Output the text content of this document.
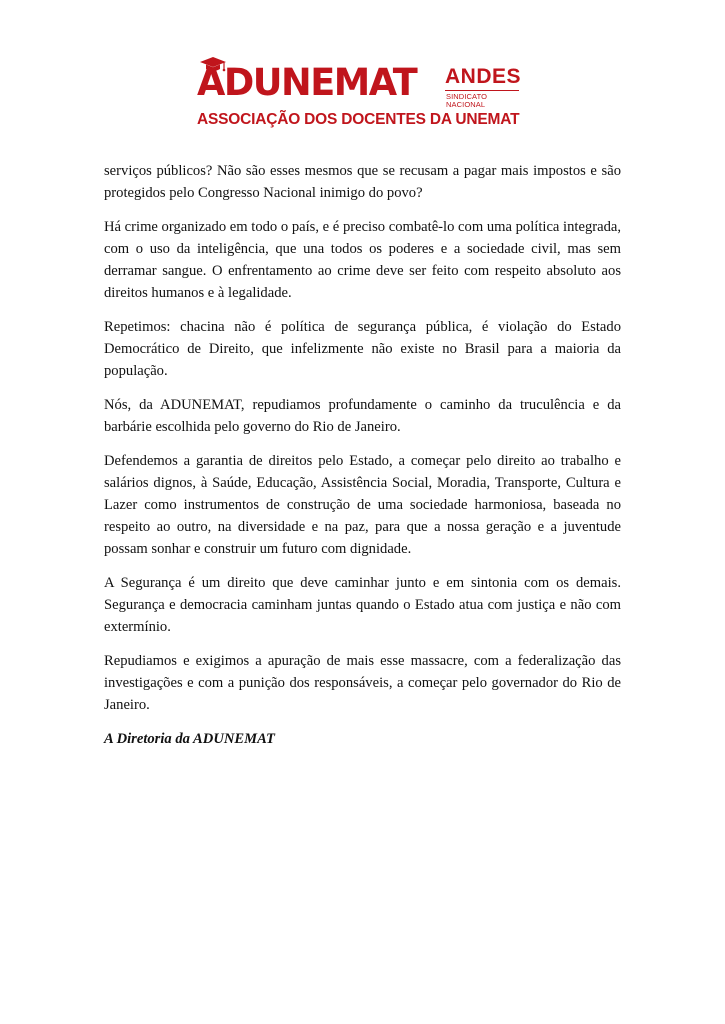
ADUNEMAT ANDES
SINDICATO NACIONAL
ASSOCIAÇÃO DOS DOCENTES DA UNEMAT

serviços públicos? Não são esses mesmos que se recusam a pagar mais impostos e são protegidos pelo Congresso Nacional inimigo do povo?

Há crime organizado em todo o país, e é preciso combatê-lo com uma política integrada, com o uso da inteligência, que una todos os poderes e a sociedade civil, mas sem derramar sangue. O enfrentamento ao crime deve ser feito com respeito absoluto aos direitos humanos e à legalidade.

Repetimos: chacina não é política de segurança pública, é violação do Estado Democrático de Direito, que infelizmente não existe no Brasil para a maioria da população.

Nós, da ADUNEMAT, repudiamos profundamente o caminho da truculência e da barbárie escolhida pelo governo do Rio de Janeiro.

Defendemos a garantia de direitos pelo Estado, a começar pelo direito ao trabalho e salários dignos, à Saúde, Educação, Assistência Social, Moradia, Transporte, Cultura e Lazer como instrumentos de construção de uma sociedade harmoniosa, baseada no respeito ao outro, na diversidade e na paz, para que a nossa geração e a juventude possam sonhar e construir um futuro com dignidade.

A Segurança é um direito que deve caminhar junto e em sintonia com os demais. Segurança e democracia caminham juntas quando o Estado atua com justiça e não com extermínio.

Repudiamos e exigimos a apuração de mais esse massacre, com a federalização das investigações e com a punição dos responsáveis, a começar pelo governador do Rio de Janeiro.

A Diretoria da ADUNEMAT
